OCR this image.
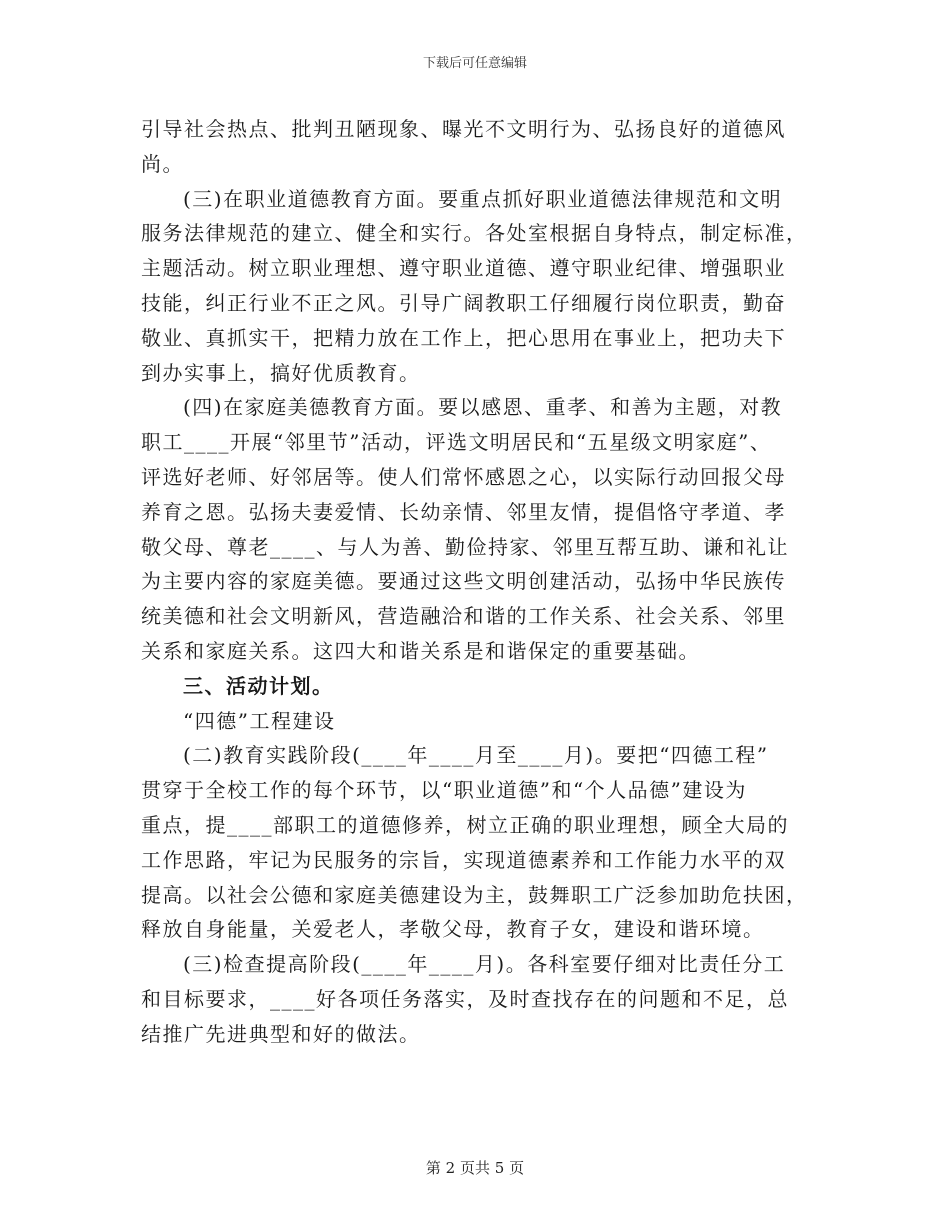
下载后可任意编辑

引导社会热点、批判丑陋现象、曝光不文明行为、弘扬良好的道德风
尚。

(三)在职业道德教育方面。要重点抓好职业道德法律规范和文明
服务法律规范的建立、健全和实行。各处室根据自身特点，制定标准，
主题活动。树立职业理想、遵守职业道德、遵守职业纪律、增强职业
技能，纠正行业不正之风。引导广阔教职工仔细履行岗位职责，勤奋
敬业、真抓实干，把精力放在工作上，把心思用在事业上，把功夫下
到办实事上，搞好优质教育。

(四)在家庭美德教育方面。要以感恩、重孝、和善为主题，对教
职工____开展“邻里节”活动，评选文明居民和“五星级文明家庭”、
评选好老师、好邻居等。使人们常怀感恩之心，以实际行动回报父母
养育之恩。弘扬夫妻爱情、长幼亲情、邻里友情，提倡恪守孝道、孝
敬父母、尊老____、与人为善、勤俭持家、邻里互帮互助、谦和礼让
为主要内容的家庭美德。要通过这些文明创建活动，弘扬中华民族传
统美德和社会文明新风，营造融洽和谐的工作关系、社会关系、邻里
关系和家庭关系。这四大和谐关系是和谐保定的重要基础。

三、活动计划。

“四德”工程建设

(二)教育实践阶段(____年____月至____月)。要把“四德工程”
贯穿于全校工作的每个环节，以“职业道德”和“个人品德”建设为
重点，提____部职工的道德修养，树立正确的职业理想，顾全大局的
工作思路，牢记为民服务的宗旨，实现道德素养和工作能力水平的双
提高。以社会公德和家庭美德建设为主，鼓舞职工广泛参加助危扶困，
释放自身能量，关爱老人，孝敬父母，教育子女，建设和谐环境。

(三)检查提高阶段(____年____月)。各科室要仔细对比责任分工
和目标要求，____好各项任务落实，及时查找存在的问题和不足，总
结推广先进典型和好的做法。

第 2 页共 5 页
